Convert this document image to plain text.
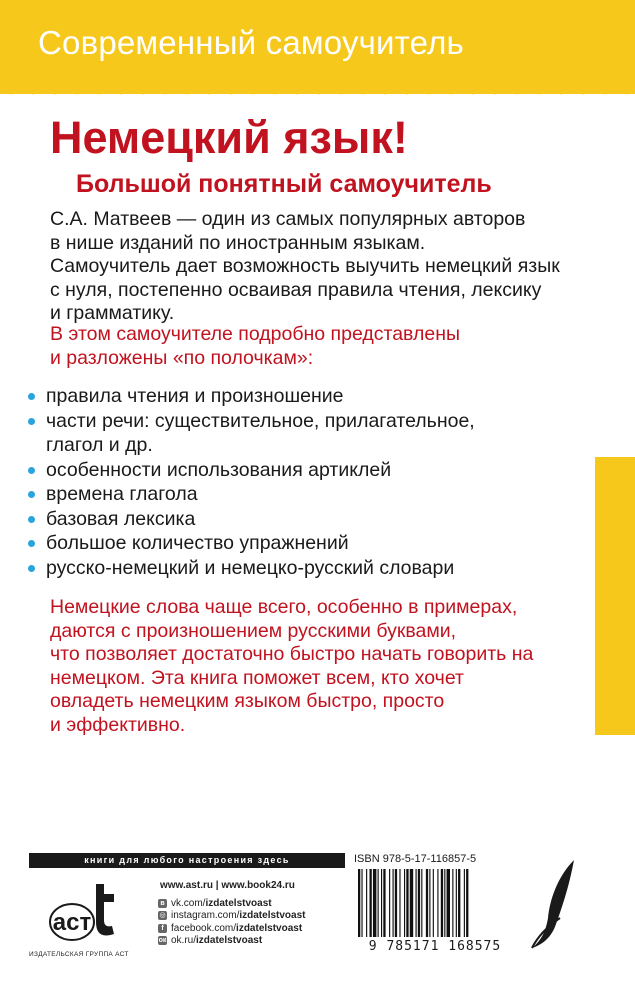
Современный самоучитель
Немецкий язык!
Большой понятный самоучитель
С.А. Матвеев — один из самых популярных авторов
в нише изданий по иностранным языкам.
Самоучитель дает возможность выучить немецкий язык
с нуля, постепенно осваивая правила чтения, лексику
и грамматику.
В этом самоучителе подробно представлены
и разложены «по полочкам»:
правила чтения и произношение
части речи: существительное, прилагательное,
глагол и др.
особенности использования артиклей
времена глагола
базовая лексика
большое количество упражнений
русско-немецкий и немецко-русский словари
Немецкие слова чаще всего, особенно в примерах,
даются с произношением русскими буквами,
что позволяет достаточно быстро начать говорить на
немецком. Эта книга поможет всем, кто хочет
овладеть немецким языком быстро, просто
и эффективно.
книги для любого настроения здесь
аст
ИЗДАТЕЛЬСКАЯ ГРУППА АСТ
www.ast.ru | www.book24.ru
в vk.com/ izdatelstvoast
◎ instagram.com/ izdatelstvoast
f facebook.com/ izdatelstvoast
ок ok.ru/ izdatelstvoast
ISBN 978-5-17-116857-5
9 785171 168575
